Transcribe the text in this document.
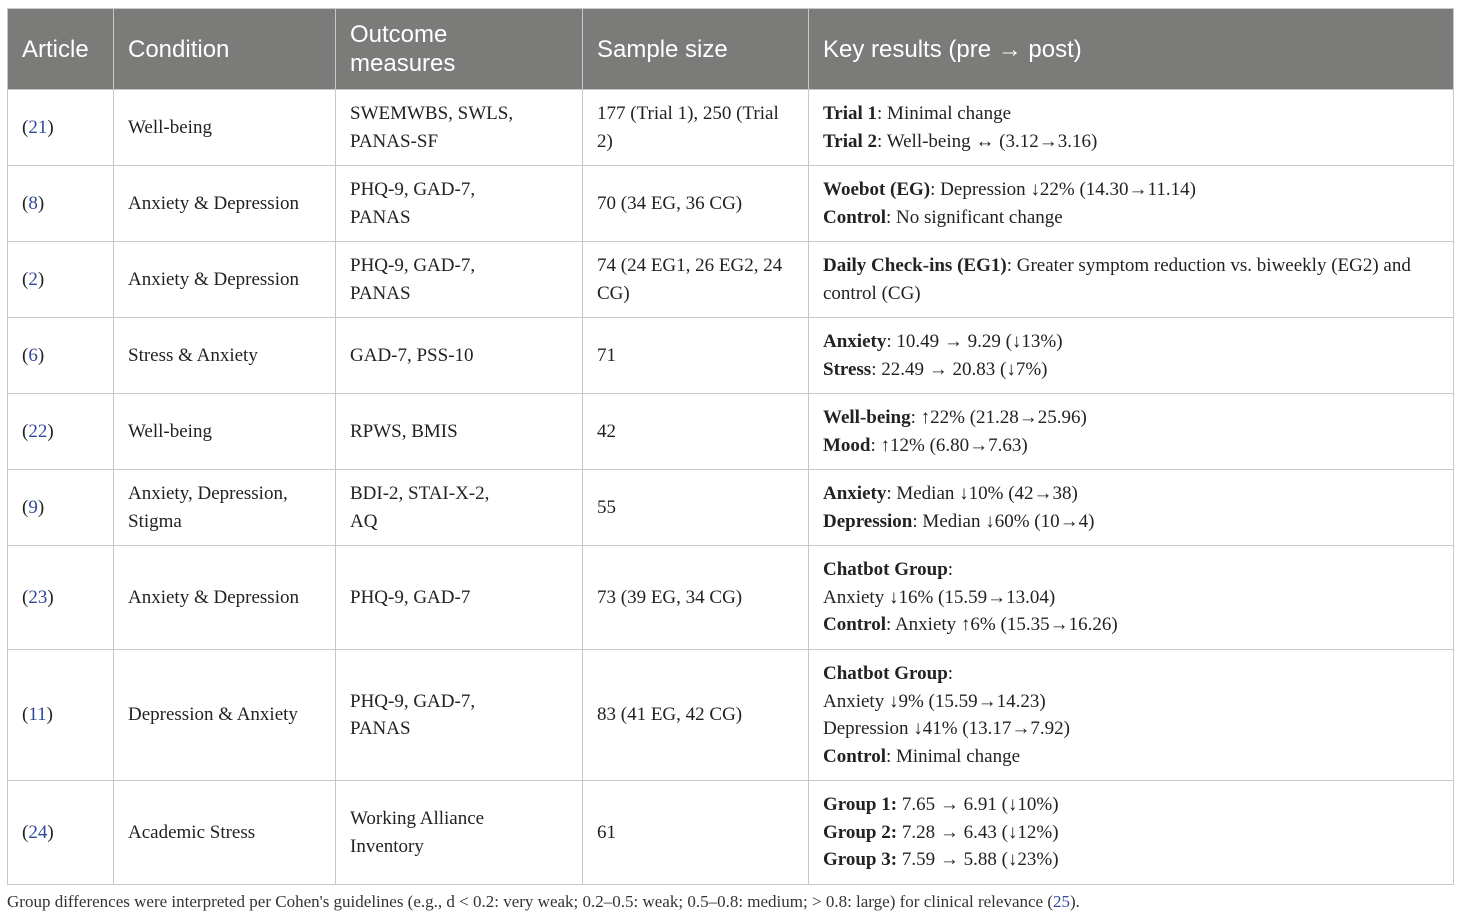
Article	Condition	Outcome measures	Sample size	Key results (pre → post)
(21)	Well-being	SWEMWBS, SWLS, PANAS-SF	177 (Trial 1), 250 (Trial 2)	Trial 1: Minimal change
Trial 2: Well-being ↔ (3.12→3.16)

(8)	Anxiety & Depression	PHQ-9, GAD-7, PANAS	70 (34 EG, 36 CG)	Woebot (EG): Depression ↓22% (14.30→11.14)
Control: No significant change

(2)	Anxiety & Depression	PHQ-9, GAD-7, PANAS	74 (24 EG1, 26 EG2, 24 CG)	Daily Check-ins (EG1): Greater symptom reduction vs. biweekly (EG2) and control (CG)

(6)	Stress & Anxiety	GAD-7, PSS-10	71	Anxiety: 10.49 → 9.29 (↓13%)
Stress: 22.49 → 20.83 (↓7%)

(22)	Well-being	RPWS, BMIS	42	Well-being: ↑22% (21.28→25.96)
Mood: ↑12% (6.80→7.63)

(9)	Anxiety, Depression, Stigma	BDI-2, STAI-X-2, AQ	55	Anxiety: Median ↓10% (42→38)
Depression: Median ↓60% (10→4)

(23)	Anxiety & Depression	PHQ-9, GAD-7	73 (39 EG, 34 CG)	Chatbot Group:
Anxiety ↓16% (15.59→13.04)
Control: Anxiety ↑6% (15.35→16.26)

(11)	Depression & Anxiety	PHQ-9, GAD-7, PANAS	83 (41 EG, 42 CG)	Chatbot Group:
Anxiety ↓9% (15.59→14.23)
Depression ↓41% (13.17→7.92)
Control: Minimal change

(24)	Academic Stress	Working Alliance Inventory	61	Group 1: 7.65 → 6.91 (↓10%)
Group 2: 7.28 → 6.43 (↓12%)
Group 3: 7.59 → 5.88 (↓23%)
Group differences were interpreted per Cohen's guidelines (e.g., d < 0.2: very weak; 0.2–0.5: weak; 0.5–0.8: medium; > 0.8: large) for clinical relevance (25).
